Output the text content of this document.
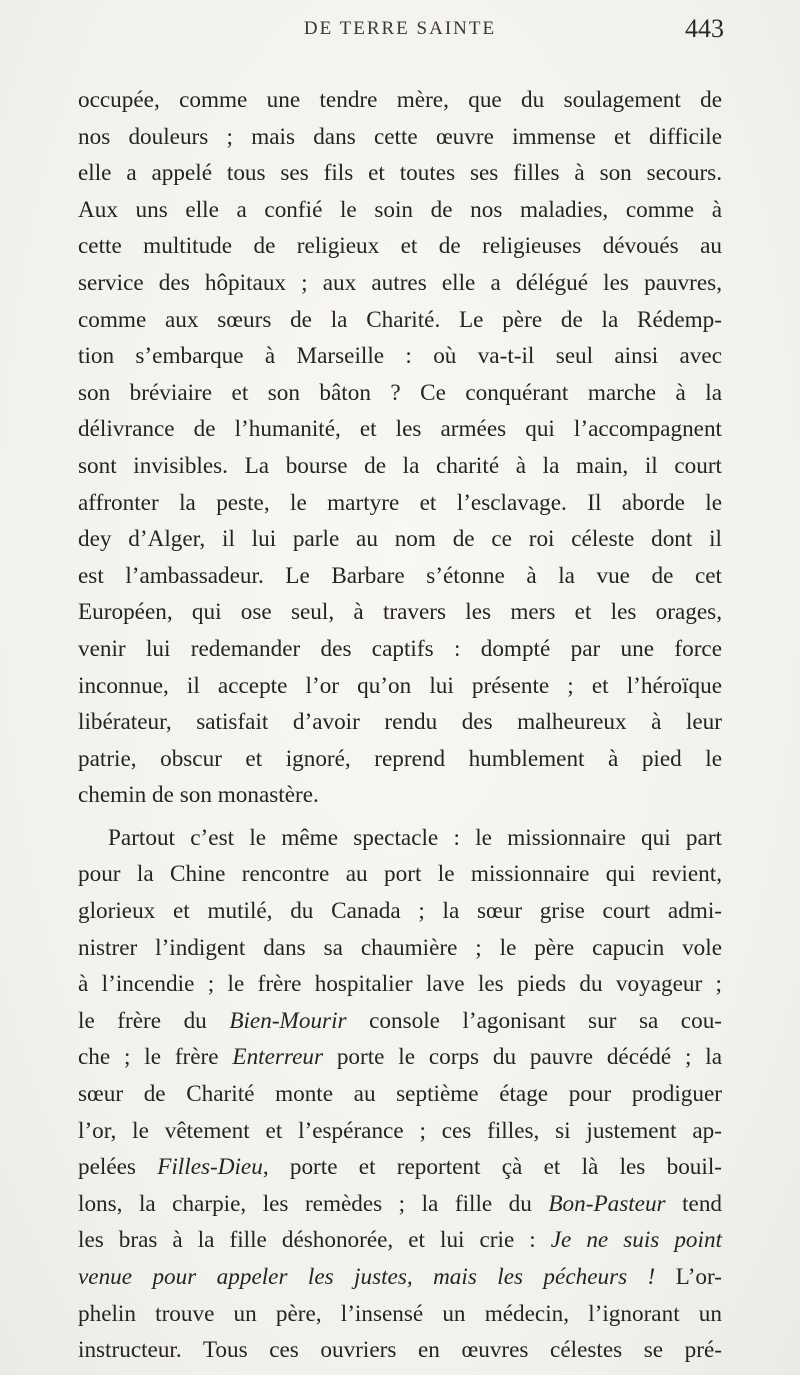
DE TERRE SAINTE	443

occupée, comme une tendre mère, que du soulagement de
nos douleurs ; mais dans cette œuvre immense et difficile
elle a appelé tous ses fils et toutes ses filles à son secours.
Aux uns elle a confié le soin de nos maladies, comme à
cette multitude de religieux et de religieuses dévoués au
service des hôpitaux ; aux autres elle a délégué les pauvres,
comme aux sœurs de la Charité. Le père de la Rédemp-
tion s’embarque à Marseille : où va-t-il seul ainsi avec
son bréviaire et son bâton ? Ce conquérant marche à la
délivrance de l’humanité, et les armées qui l’accompagnent
sont invisibles. La bourse de la charité à la main, il court
affronter la peste, le martyre et l’esclavage. Il aborde le
dey d’Alger, il lui parle au nom de ce roi céleste dont il
est l’ambassadeur. Le Barbare s’étonne à la vue de cet
Européen, qui ose seul, à travers les mers et les orages,
venir lui redemander des captifs : dompté par une force
inconnue, il accepte l’or qu’on lui présente ; et l’héroïque
libérateur, satisfait d’avoir rendu des malheureux à leur
patrie, obscur et ignoré, reprend humblement à pied le
chemin de son monastère.

Partout c’est le même spectacle : le missionnaire qui part
pour la Chine rencontre au port le missionnaire qui revient,
glorieux et mutilé, du Canada ; la sœur grise court admi-
nistrer l’indigent dans sa chaumière ; le père capucin vole
à l’incendie ; le frère hospitalier lave les pieds du voyageur ;
le frère du Bien-Mourir console l’agonisant sur sa cou-
che ; le frère Enterreur porte le corps du pauvre décédé ; la
sœur de Charité monte au septième étage pour prodiguer
l’or, le vêtement et l’espérance ; ces filles, si justement ap-
pelées Filles-Dieu, porte et reportent çà et là les bouil-
lons, la charpie, les remèdes ; la fille du Bon-Pasteur tend
les bras à la fille déshonorée, et lui crie : Je ne suis point
venue pour appeler les justes, mais les pécheurs ! L’or-
phelin trouve un père, l’insensé un médecin, l’ignorant un
instructeur. Tous ces ouvriers en œuvres célestes se pré-
